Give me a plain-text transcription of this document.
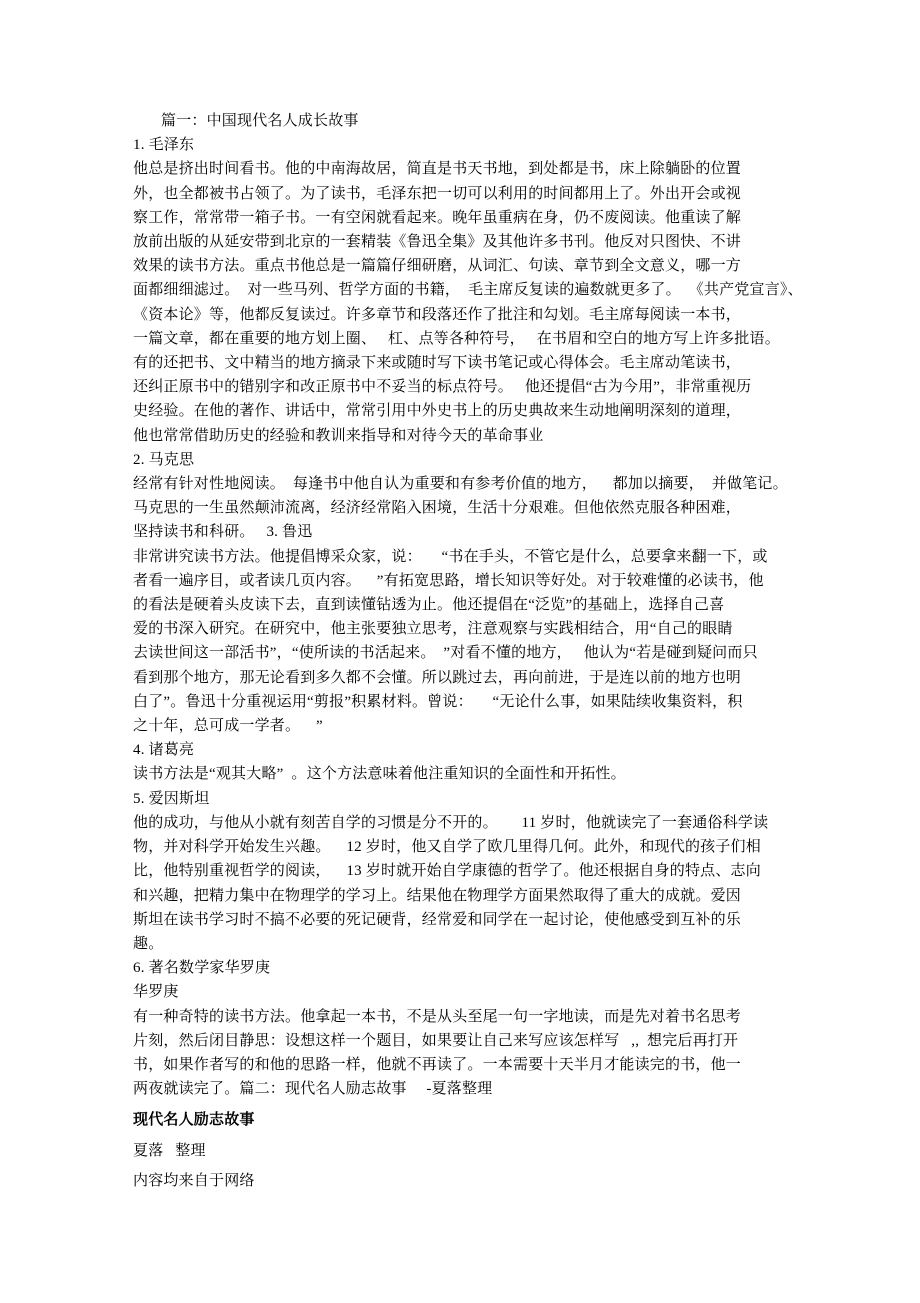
篇一：中国现代名人成长故事
1. 毛泽东
他总是挤出时间看书。他的中南海故居，简直是书天书地，到处都是书，床上除躺卧的位置
外，也全都被书占领了。为了读书，毛泽东把一切可以利用的时间都用上了。外出开会或视
察工作，常常带一箱子书。一有空闲就看起来。晚年虽重病在身，仍不废阅读。他重读了解
放前出版的从延安带到北京的一套精装《鲁迅全集》及其他许多书刊。他反对只图快、不讲
效果的读书方法。重点书他总是一篇篇仔细研磨，从词汇、句读、章节到全文意义，哪一方
面都细细滤过。  对一些马列、哲学方面的书籍，  毛主席反复读的遍数就更多了。  《共产党宣言》、
《资本论》等，他都反复读过。许多章节和段落还作了批注和勾划。毛主席每阅读一本书，
一篇文章，都在重要的地方划上圈、   杠、点等各种符号，   在书眉和空白的地方写上许多批语。
有的还把书、文中精当的地方摘录下来或随时写下读书笔记或心得体会。毛主席动笔读书，
还纠正原书中的错别字和改正原书中不妥当的标点符号。   他还提倡“古为今用”，非常重视历
史经验。在他的著作、讲话中，常常引用中外史书上的历史典故来生动地阐明深刻的道理，
他也常常借助历史的经验和教训来指导和对待今天的革命事业
2. 马克思
经常有针对性地阅读。  每逢书中他自认为重要和有参考价值的地方，    都加以摘要，  并做笔记。
马克思的一生虽然颠沛流离，经济经常陷入困境，生活十分艰难。但他依然克服各种困难，
坚持读书和科研。   3. 鲁迅
非常讲究读书方法。他提倡博采众家，说：     “书在手头，不管它是什么，总要拿来翻一下，或
者看一遍序目，或者读几页内容。    ”有拓宽思路，增长知识等好处。对于较难懂的必读书，他
的看法是硬着头皮读下去，直到读懂钻透为止。他还提倡在“泛览”的基础上，选择自己喜
爱的书深入研究。在研究中，他主张要独立思考，注意观察与实践相结合，用“自己的眼睛
去读世间这一部活书”，“使所读的书活起来。  ”对看不懂的地方，   他认为“若是碰到疑问而只
看到那个地方，那无论看到多久都不会懂。所以跳过去，再向前进，于是连以前的地方也明
白了”。鲁迅十分重视运用“剪报”积累材料。曾说：     “无论什么事，如果陆续收集资料，积
之十年，总可成一学者。    ”
4. 诸葛亮
读书方法是“观其大略”  。这个方法意味着他注重知识的全面性和开拓性。
5. 爱因斯坦
他的成功，与他从小就有刻苦自学的习惯是分不开的。      11 岁时，他就读完了一套通俗科学读
物，并对科学开始发生兴趣。    12 岁时，他又自学了欧几里得几何。此外，和现代的孩子们相
比，他特别重视哲学的阅读，    13 岁时就开始自学康德的哲学了。他还根据自身的特点、志向
和兴趣，把精力集中在物理学的学习上。结果他在物理学方面果然取得了重大的成就。爱因
斯坦在读书学习时不搞不必要的死记硬背，经常爱和同学在一起讨论，使他感受到互补的乐
趣。
6. 著名数学家华罗庚
华罗庚
有一种奇特的读书方法。他拿起一本书，不是从头至尾一句一字地读，而是先对着书名思考
片刻，然后闭目静思：设想这样一个题目，如果要让自己来写应该怎样写   ,,  想完后再打开
书，如果作者写的和他的思路一样，他就不再读了。一本需要十天半月才能读完的书，他一
两夜就读完了。篇二：现代名人励志故事     -夏落整理
现代名人励志故事
夏落   整理
内容均来自于网络
